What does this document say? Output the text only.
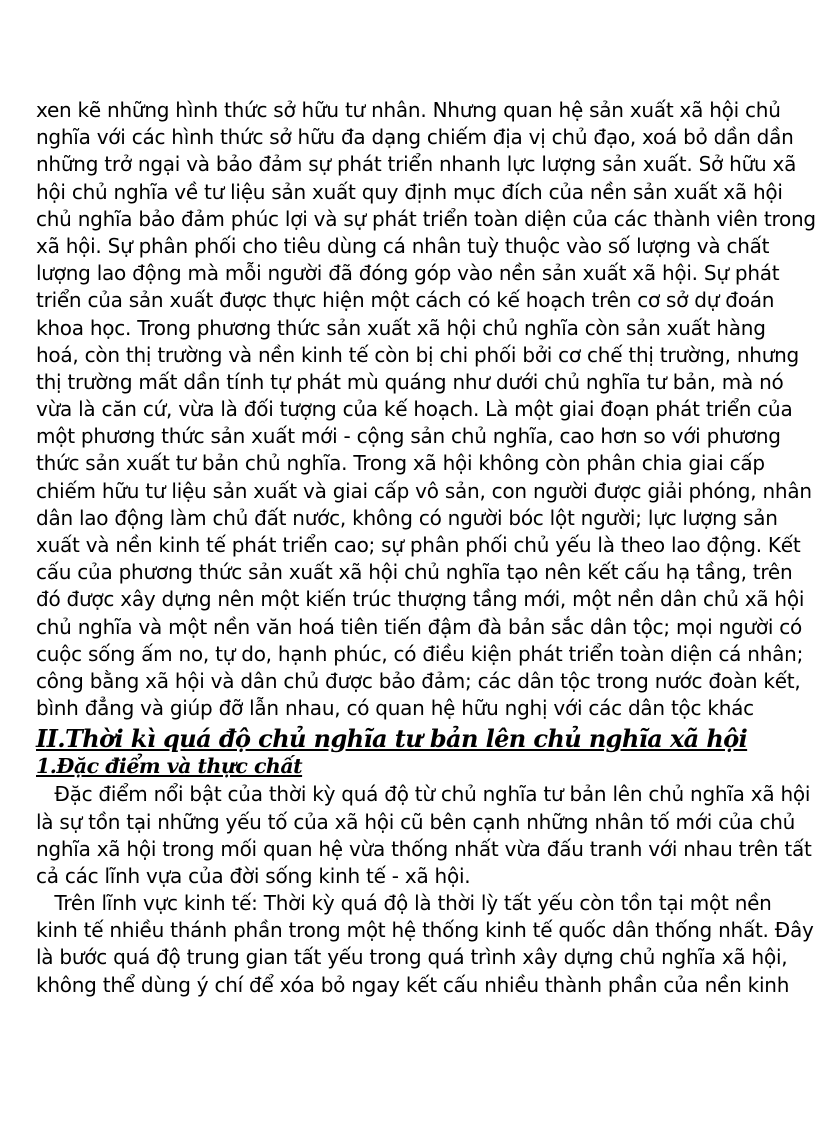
xen kẽ những hình thức sở hữu tư nhân. Nhưng quan hệ sản xuất xã hội chủ
nghĩa với các hình thức sở hữu đa dạng chiếm địa vị chủ đạo, xoá bỏ dần dần
những trở ngại và bảo đảm sự phát triển nhanh lực lượng sản xuất. Sở hữu xã
hội chủ nghĩa về tư liệu sản xuất quy định mục đích của nền sản xuất xã hội
chủ nghĩa bảo đảm phúc lợi và sự phát triển toàn diện của các thành viên trong
xã hội. Sự phân phối cho tiêu dùng cá nhân tuỳ thuộc vào số lượng và chất
lượng lao động mà mỗi người đã đóng góp vào nền sản xuất xã hội. Sự phát
triển của sản xuất được thực hiện một cách có kế hoạch trên cơ sở dự đoán
khoa học. Trong phương thức sản xuất xã hội chủ nghĩa còn sản xuất hàng
hoá, còn thị trường và nền kinh tế còn bị chi phối bởi cơ chế thị trường, nhưng
thị trường mất dần tính tự phát mù quáng như dưới chủ nghĩa tư bản, mà nó
vừa là căn cứ, vừa là đối tượng của kế hoạch. Là một giai đoạn phát triển của
một phương thức sản xuất mới - cộng sản chủ nghĩa, cao hơn so với phương
thức sản xuất tư bản chủ nghĩa. Trong xã hội không còn phân chia giai cấp
chiếm hữu tư liệu sản xuất và giai cấp vô sản, con người được giải phóng, nhân
dân lao động làm chủ đất nước, không có người bóc lột người; lực lượng sản
xuất và nền kinh tế phát triển cao; sự phân phối chủ yếu là theo lao động. Kết
cấu của phương thức sản xuất xã hội chủ nghĩa tạo nên kết cấu hạ tầng, trên
đó được xây dựng nên một kiến trúc thượng tầng mới, một nền dân chủ xã hội
chủ nghĩa và một nền văn hoá tiên tiến đậm đà bản sắc dân tộc; mọi người có
cuộc sống ấm no, tự do, hạnh phúc, có điều kiện phát triển toàn diện cá nhân;
công bằng xã hội và dân chủ được bảo đảm; các dân tộc trong nước đoàn kết,
bình đẳng và giúp đỡ lẫn nhau, có quan hệ hữu nghị với các dân tộc khác
II.Thời kì quá độ chủ nghĩa tư bản lên chủ nghĩa xã hội
1.Đặc điểm và thực chất
Đặc điểm nổi bật của thời kỳ quá độ từ chủ nghĩa tư bản lên chủ nghĩa xã hội
là sự tồn tại những yếu tố của xã hội cũ bên cạnh những nhân tố mới của chủ
nghĩa xã hội trong mối quan hệ vừa thống nhất vừa đấu tranh với nhau trên tất
cả các lĩnh vựa của đời sống kinh tế - xã hội.
Trên lĩnh vực kinh tế: Thời kỳ quá độ là thời lỳ tất yếu còn tồn tại một nền
kinh tế nhiều thánh phần trong một hệ thống kinh tế quốc dân thống nhất. Đây
là bước quá độ trung gian tất yếu trong quá trình xây dựng chủ nghĩa xã hội,
không thể dùng ý chí để xóa bỏ ngay kết cấu nhiều thành phần của nền kinh
